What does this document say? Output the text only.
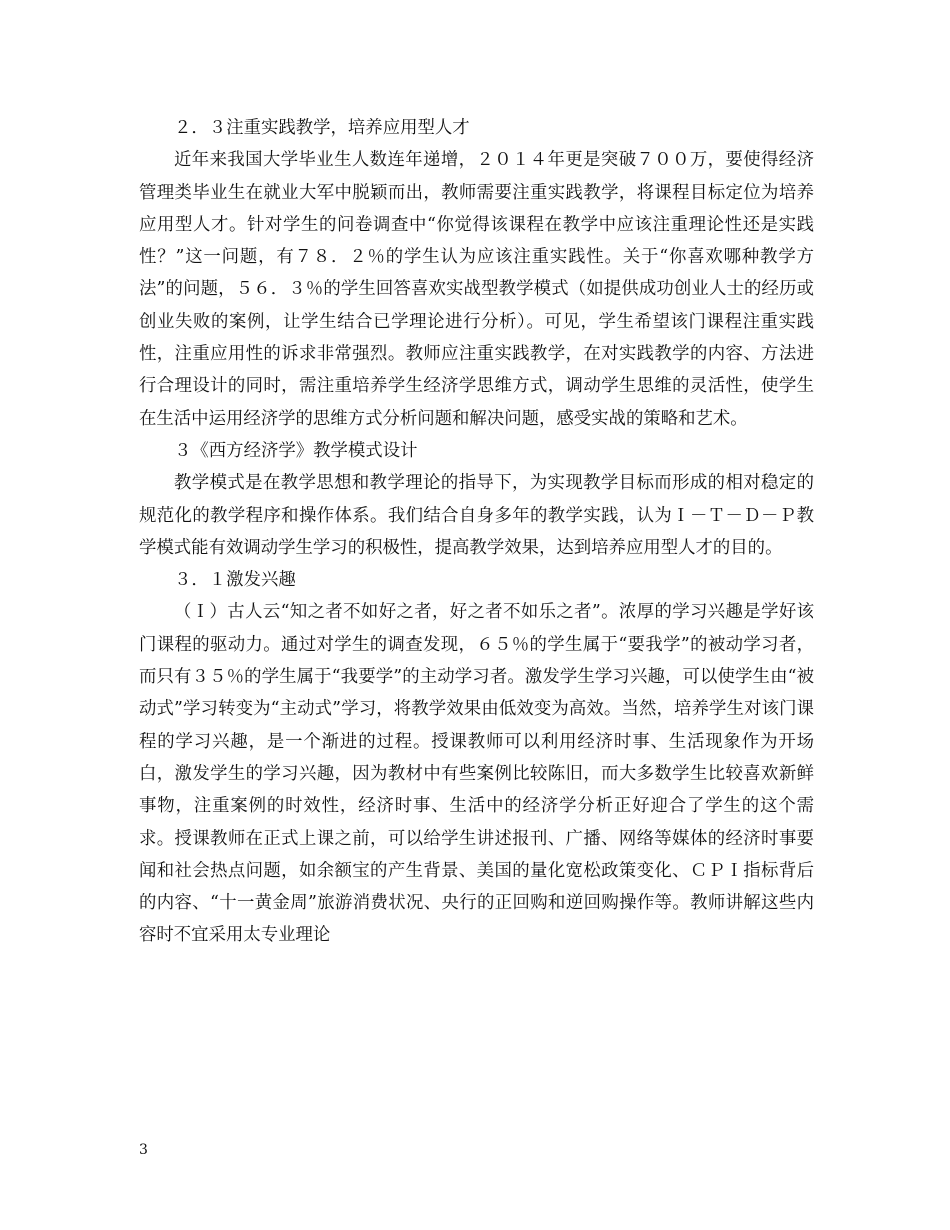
２．３注重实践教学，培养应用型人才

近年来我国大学毕业生人数连年递增，２０１４年更是突破７００万，要使得经济管理类毕业生在就业大军中脱颖而出，教师需要注重实践教学，将课程目标定位为培养应用型人才。针对学生的问卷调查中“你觉得该课程在教学中应该注重理论性还是实践性？”这一问题，有７８．２％的学生认为应该注重实践性。关于“你喜欢哪种教学方法”的问题，５６．３％的学生回答喜欢实战型教学模式（如提供成功创业人士的经历或创业失败的案例，让学生结合已学理论进行分析）。可见，学生希望该门课程注重实践性，注重应用性的诉求非常强烈。教师应注重实践教学，在对实践教学的内容、方法进行合理设计的同时，需注重培养学生经济学思维方式，调动学生思维的灵活性，使学生在生活中运用经济学的思维方式分析问题和解决问题，感受实战的策略和艺术。

３《西方经济学》教学模式设计

教学模式是在教学思想和教学理论的指导下，为实现教学目标而形成的相对稳定的规范化的教学程序和操作体系。我们结合自身多年的教学实践，认为Ｉ－Ｔ－Ｄ－Ｐ教学模式能有效调动学生学习的积极性，提高教学效果，达到培养应用型人才的目的。

３．１激发兴趣

（Ｉ）古人云“知之者不如好之者，好之者不如乐之者”。浓厚的学习兴趣是学好该门课程的驱动力。通过对学生的调查发现，６５％的学生属于“要我学”的被动学习者，而只有３５％的学生属于“我要学”的主动学习者。激发学生学习兴趣，可以使学生由“被动式”学习转变为“主动式”学习，将教学效果由低效变为高效。当然，培养学生对该门课程的学习兴趣，是一个渐进的过程。授课教师可以利用经济时事、生活现象作为开场白，激发学生的学习兴趣，因为教材中有些案例比较陈旧，而大多数学生比较喜欢新鲜事物，注重案例的时效性，经济时事、生活中的经济学分析正好迎合了学生的这个需求。授课教师在正式上课之前，可以给学生讲述报刊、广播、网络等媒体的经济时事要闻和社会热点问题，如余额宝的产生背景、美国的量化宽松政策变化、ＣＰＩ指标背后的内容、“十一黄金周”旅游消费状况、央行的正回购和逆回购操作等。教师讲解这些内容时不宜采用太专业理论

3
